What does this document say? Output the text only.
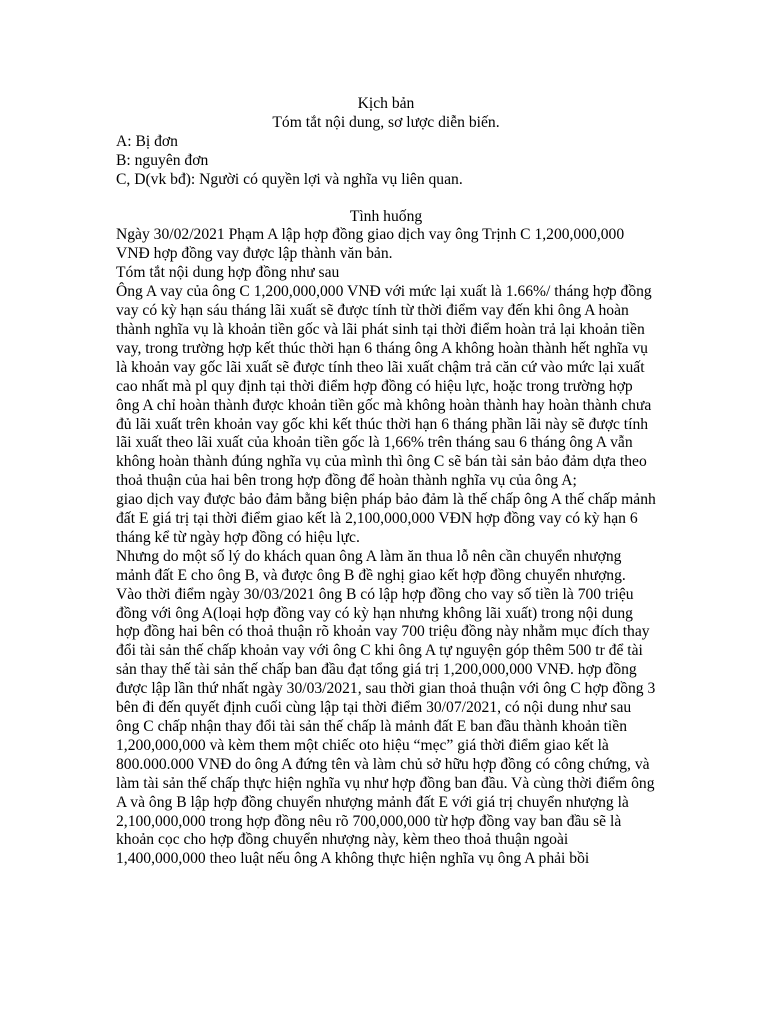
Kịch bản
Tóm tắt nội dung, sơ lược diễn biến.
A: Bị đơn
B: nguyên đơn
C, D(vk bđ): Người có quyền lợi và nghĩa vụ liên quan.
Tình huống
Ngày 30/02/2021 Phạm A lập hợp đồng giao dịch vay ông Trịnh C 1,200,000,000 VNĐ hợp đồng vay được lập thành văn bản.
Tóm tắt nội dung hợp đồng như sau
Ông A vay của ông C 1,200,000,000 VNĐ với mức lại xuất là 1.66%/ tháng hợp đồng vay có kỳ hạn sáu tháng lãi xuất sẽ được tính từ thời điểm vay đến khi ông A hoàn thành nghĩa vụ là khoản tiền gốc và lãi phát sinh tại thời điểm hoàn trả lại khoản tiền vay, trong trường hợp kết thúc thời hạn 6 tháng ông A không hoàn thành hết nghĩa vụ là khoản vay gốc lãi xuất sẽ được tính theo lãi xuất chậm trả căn cứ vào mức lại xuất cao nhất mà pl quy định tại thời điểm hợp đồng có hiệu lực, hoặc trong trường hợp ông A chỉ hoàn thành được khoản tiền gốc mà không hoàn thành hay hoàn thành chưa đủ lãi xuất trên khoản vay gốc khi kết thúc thời hạn 6 tháng phần lãi này sẽ được tính lãi xuất theo lãi xuất của khoản tiền gốc là 1,66% trên tháng sau 6 tháng ông A vẫn không hoàn thành đúng nghĩa vụ của mình thì ông C sẽ bán tài sản bảo đảm dựa theo thoả thuận của hai bên trong hợp đồng để hoàn thành nghĩa vụ của ông A;
giao dịch vay được bảo đảm bằng biện pháp bảo đảm là thế chấp ông A thế chấp mảnh đất E giá trị tại thời điểm giao kết là 2,100,000,000 VĐN hợp đồng vay có kỳ hạn 6 tháng kể từ ngày hợp đồng có hiệu lực.
Nhưng do một số lý do khách quan ông A làm ăn thua lỗ nên cần chuyển nhượng mảnh đất E cho ông B, và được ông B đề nghị giao kết hợp đồng chuyển nhượng.
Vào thời điểm ngày 30/03/2021 ông B có lập hợp đồng cho vay số tiền là 700 triệu đồng với ông A(loại hợp đồng vay có kỳ hạn nhưng không lãi xuất) trong nội dung hợp đồng hai bên có thoả thuận rõ khoản vay 700 triệu đồng này nhằm mục đích thay đổi tài sản thế chấp khoản vay với ông C khi ông A tự nguyện góp thêm 500 tr để tài sản thay thế tài sản thế chấp ban đầu đạt tổng giá trị 1,200,000,000 VNĐ. hợp đồng được lập lần thứ nhất ngày 30/03/2021, sau thời gian thoả thuận với ông C hợp đồng 3 bên đi đến quyết định cuối cùng lập tại thời điểm 30/07/2021, có nội dung như sau ông C chấp nhận thay đổi tài sản thế chấp là mảnh đất E ban đầu thành khoản tiền 1,200,000,000 và kèm them một chiếc oto hiệu “mẹc” giá thời điểm giao kết là 800.000.000 VNĐ do ông A đứng tên và làm chủ sở hữu hợp đồng có công chứng, và làm tài sản thế chấp thực hiện nghĩa vụ như hợp đồng ban đầu. Và cùng thời điểm ông A và ông B lập hợp đồng chuyển nhượng mảnh đất E với giá trị chuyển nhượng là 2,100,000,000 trong hợp đồng nêu rõ 700,000,000 từ hợp đồng vay ban đầu sẽ là khoản cọc cho hợp đồng chuyển nhượng này, kèm theo thoả thuận ngoài 1,400,000,000 theo luật nếu ông A không thực hiện nghĩa vụ ông A phải bồi
